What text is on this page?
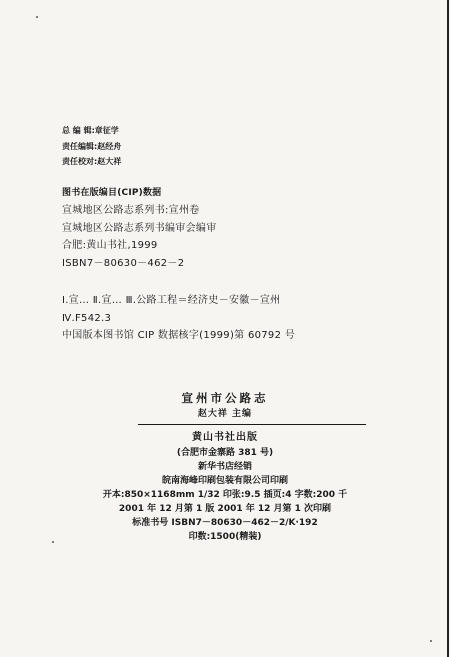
总 编 辑:章征学
责任编辑:赵经舟
责任校对:赵大祥
图书在版编目(CIP)数据
宣城地区公路志系列书:宣州卷
宣城地区公路志系列书编审会编审
合肥:黄山书社,1999
ISBN7－80630－462－2
Ⅰ.宣… Ⅱ.宣… Ⅲ.公路工程＝经济史－安徽－宣州
Ⅳ.F542.3
中国版本图书馆 CIP 数据核字(1999)第 60792 号
宣州市公路志
赵大祥 主编
黄山书社出版
(合肥市金寨路 381 号)
新华书店经销
皖南海峰印刷包装有限公司印刷
开本:850×1168mm 1/32 印张:9.5 插页:4 字数:200 千
2001 年 12 月第 1 版 2001 年 12 月第 1 次印刷
标准书号 ISBN7－80630－462－2/K·192
印数:1500(精装)
